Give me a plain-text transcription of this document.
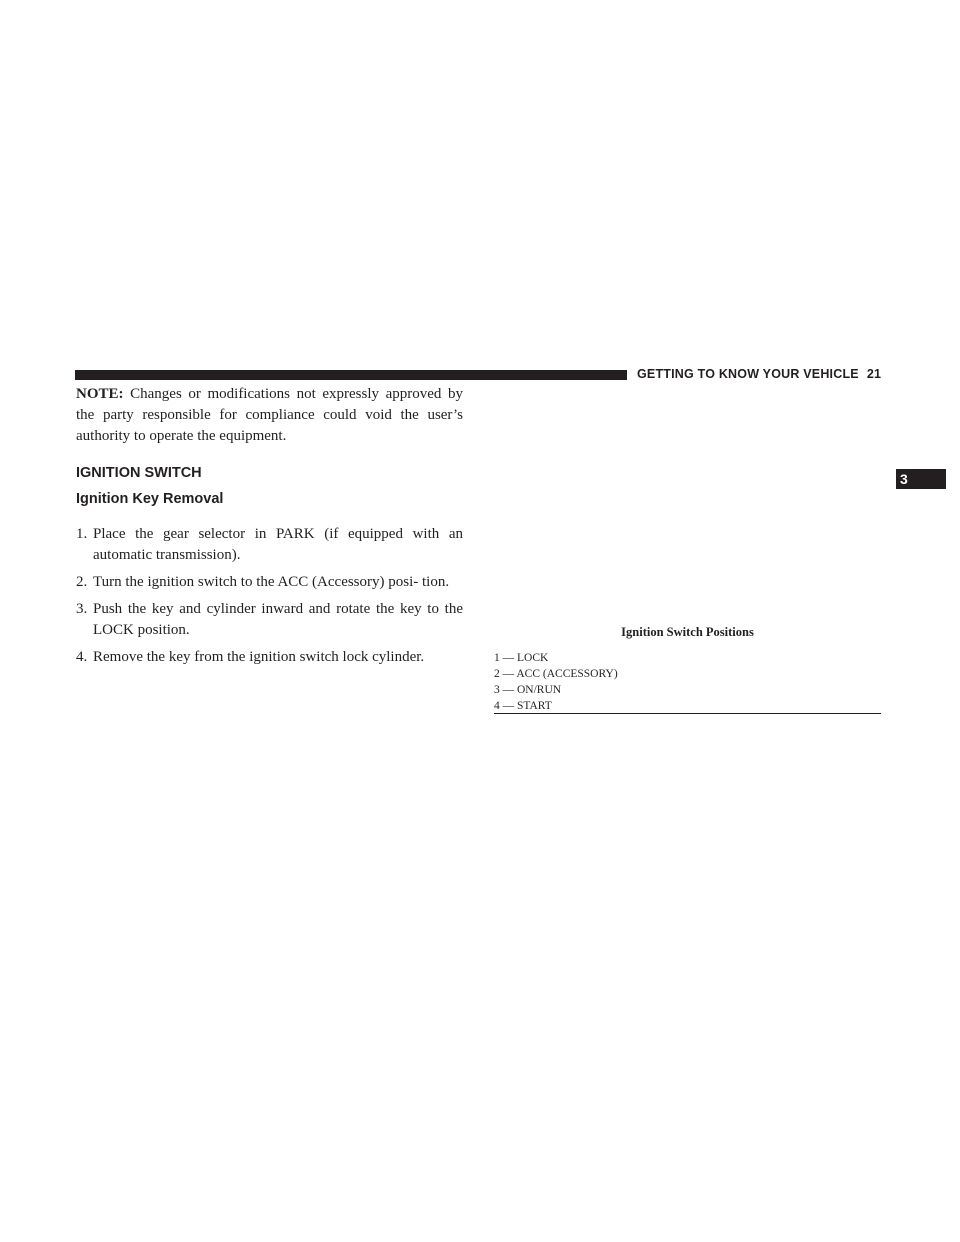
GETTING TO KNOW YOUR VEHICLE 21
3

NOTE: Changes or modifications not expressly approved by the party responsible for compliance could void the user’s authority to operate the equipment.

IGNITION SWITCH
Ignition Key Removal
1. Place the gear selector in PARK (if equipped with an automatic transmission).
2. Turn the ignition switch to the ACC (Accessory) posi- tion.
3. Push the key and cylinder inward and rotate the key to the LOCK position.
4. Remove the key from the ignition switch lock cylinder.
Ignition Switch Positions
1 — LOCK
2 — ACC (ACCESSORY)
3 — ON/RUN
4 — START
